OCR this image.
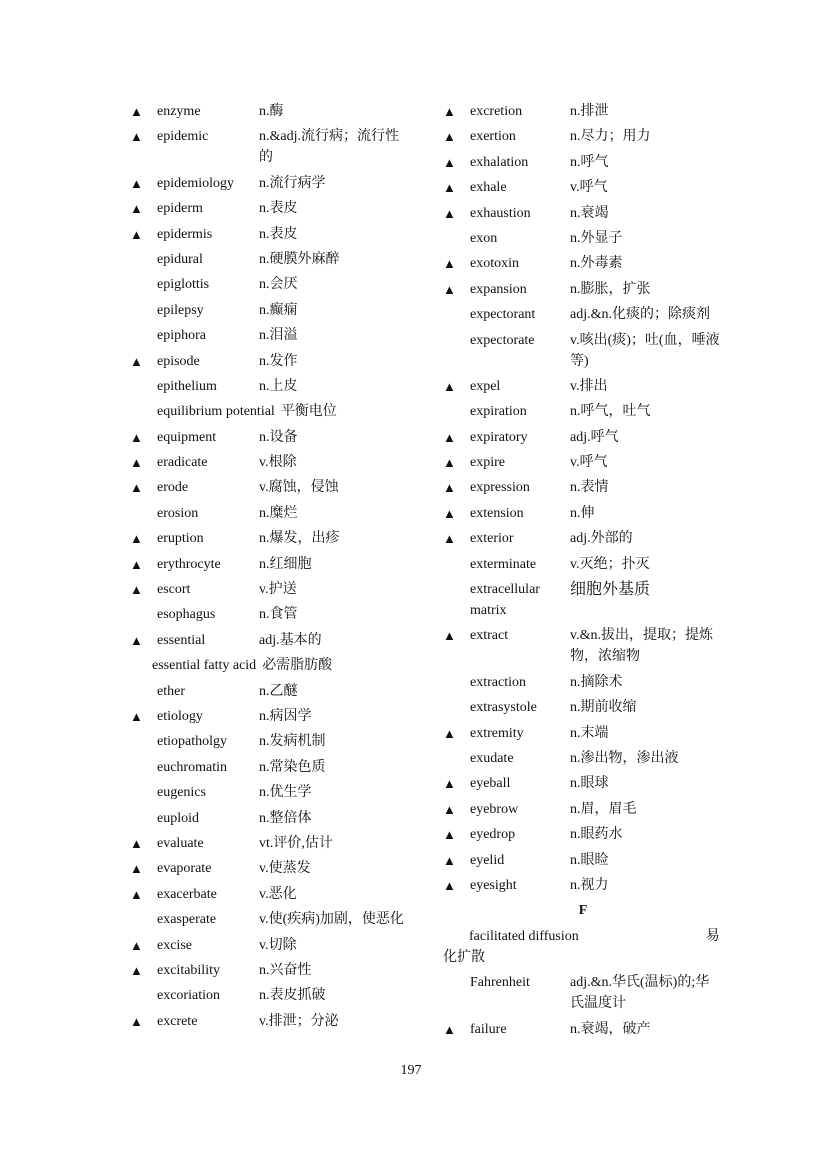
▲ enzyme	n.酶
▲ epidemic	n.&adj.流行病；流行性的
▲ epidemiology n.流行病学
▲ epiderm	n.表皮
▲ epidermis	n.表皮
epidural	n.硬膜外麻醉
epiglottis	n.会厌
epilepsy	n.癫痫
epiphora	n.泪溢
▲ episode	n.发作
epithelium	n.上皮
equilibrium potential 平衡电位
▲ equipment	n.设备
▲ eradicate	v.根除
▲ erode	v.腐蚀，侵蚀
erosion	n.糜烂
▲ eruption	n.爆发，出疹
▲ erythrocyte	n.红细胞
▲ escort	v.护送
esophagus	n.食管
▲ essential	adj.基本的
essential fatty acid 必需脂肪酸
ether	n.乙醚
▲ etiology	n.病因学
etiopatholgy n.发病机制
euchromatin n.常染色质
eugenics	n.优生学
euploid	n.整倍体
▲ evaluate	vt.评价,估计
▲ evaporate	v.使蒸发
▲ exacerbate	v.恶化
exasperate	v.使(疾病)加剧，使恶化
▲ excise	v.切除
▲ excitability	n.兴奋性
excoriation	n.表皮抓破
▲ excrete	v.排泄；分泌
▲ excretion	n.排泄
▲ exertion	n.尽力；用力
▲ exhalation	n.呼气
▲ exhale	v.呼气
▲ exhaustion	n.衰竭
exon	n.外显子
▲ exotoxin	n.外毒素
▲ expansion	n.膨胀，扩张
expectorant adj.&n.化痰的；除痰剂
expectorate	v.咳出(痰)；吐(血，唾液等)
▲ expel	v.排出
expiration	n.呼气，吐气
▲ expiratory	adj.呼气
▲ expire	v.呼气
▲ expression	n.表情
▲ extension	n.伸
▲ exterior	adj.外部的
exterminate v.灭绝；扑灭
extracellular matrix
细胞外基质
▲ extract	v.&n.拔出，提取；提炼物，浓缩物
extraction	n.摘除术
extrasystole n.期前收缩
▲ extremity	n.末端
exudate	n.渗出物，渗出液
▲ eyeball	n.眼球
▲ eyebrow	n.眉，眉毛
▲ eyedrop	n.眼药水
▲ eyelid	n.眼睑
▲ eyesight	n.视力
F
facilitated diffusion	易化扩散
Fahrenheit	adj.&n.华氏(温标)的;华氏温度计
▲ failure	n.衰竭，破产
197
